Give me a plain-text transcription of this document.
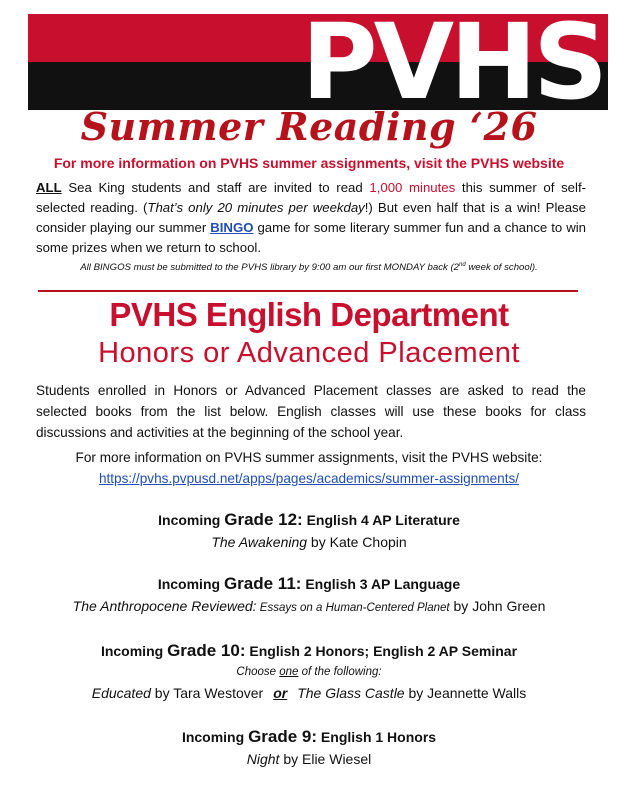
PVHS
Summer Reading ‘26
For more information on PVHS summer assignments, visit the PVHS website
ALL Sea King students and staff are invited to read 1,000 minutes this summer of self-selected reading. (That’s only 20 minutes per weekday!) But even half that is a win! Please consider playing our summer BINGO game for some literary summer fun and a chance to win some prizes when we return to school.
All BINGOS must be submitted to the PVHS library by 9:00 am our first MONDAY back (2nd week of school).
PVHS English Department
Honors or Advanced Placement
Students enrolled in Honors or Advanced Placement classes are asked to read the selected books from the list below. English classes will use these books for class discussions and activities at the beginning of the school year.
For more information on PVHS summer assignments, visit the PVHS website:
https://pvhs.pvpusd.net/apps/pages/academics/summer-assignments/
Incoming Grade 12: English 4 AP Literature
The Awakening by Kate Chopin
Incoming Grade 11: English 3 AP Language
The Anthropocene Reviewed: Essays on a Human-Centered Planet by John Green
Incoming Grade 10: English 2 Honors; English 2 AP Seminar
Choose one of the following:
Educated by Tara Westover or The Glass Castle by Jeannette Walls
Incoming Grade 9: English 1 Honors
Night by Elie Wiesel
